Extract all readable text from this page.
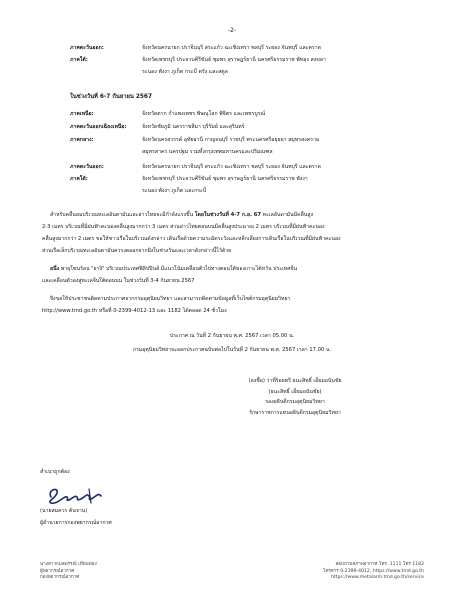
-2-
ภาคตะวันออก:	จังหวัดนครนายก ปราจีนบุรี สระแก้ว ฉะเชิงเทรา ชลบุรี ระยอง จันทบุรี และตราด
ภาคใต้:	จังหวัดเพชรบุรี ประจวบคีรีขันธ์ ชุมพร สุราษฎร์ธานี นครศรีธรรมราช พัทลุง สงขลา
ระนอง พังงา ภูเก็ต กระบี่ ตรัง และสตูล
ในช่วงวันที่ 6-7 กันยายน 2567
ภาคเหนือ:	จังหวัดตาก กำแพงเพชร พิษณุโลก พิจิตร และเพชรบูรณ์
ภาคตะวันออกเฉียงเหนือ:	จังหวัดชัยภูมิ นครราชสีมา บุรีรัมย์ และสุรินทร์
ภาคกลาง:	จังหวัดนครสวรรค์ อุทัยธานี กาญจนบุรี ราชบุรี พระนครศรีอยุธยา สมุทรสงคราม
สมุทรสาคร นครปฐม รวมทั้งกรุงเทพมหานครและปริมณฑล
ภาคตะวันออก:	จังหวัดนครนายก ปราจีนบุรี สระแก้ว ฉะเชิงเทรา ชลบุรี ระยอง จันทบุรี และตราด
ภาคใต้:	จังหวัดเพชรบุรี ประจวบคีรีขันธ์ ชุมพร สุราษฎร์ธานี นครศรีธรรมราช พังงา
ระนอง พังงา ภูเก็ต และกระบี่
สำหรับคลื่นลมบริเวณทะเลอันดามันและอ่าวไทยจะมีกำลังแรงขึ้น โดยในช่วงวันที่ 4-7 ก.ย. 67 ทะเลอันดามันมีคลื่นสูง
2-3 เมตร บริเวณที่มีฝนฟ้าคะนองคลื่นสูงมากกว่า 3 เมตร ส่วนอ่าวไทยตอนบนมีคลื่นสูงประมาณ 2 เมตร บริเวณที่มีฝนฟ้าคะนอง
คลื่นสูงมากกว่า 2 เมตร ขอให้ชาวเรือในบริเวณดังกล่าว เดินเรือด้วยความระมัดระวังและหลีกเลี่ยงการเดินเรือในบริเวณที่มีฝนฟ้าคะนอง
ส่วนเรือเล็กบริเวณทะเลอันดามันควรงดออกจากฝั่งในช่วงวันและเวลาดังกล่าวนี้ไว้ด้วย
อนึ่ง พายุโซนร้อน "ยางิ" บริเวณประเทศฟิลิปปินส์ มีแนวโน้มเคลื่อนตัวไปทางตอนใต้ของเกาะไต้หวัน ประเทศจีน
และเคลื่อนตัวลงสู่ทะเลจีนใต้ตอนบน ในช่วงวันที่ 3-4 กันยายน 2567
จึงขอให้ประชาชนติดตามประกาศจากกรมอุตุนิยมวิทยา และสามารถติดตามข้อมูลที่เว็บไซต์กรมอุตุนิยมวิทยา
http://www.tmd.go.th หรือที่ 0-2399-4012-13 และ 1182 ได้ตลอด 24 ชั่วโมง
ประกาศ ณ วันที่ 2 กันยายน พ.ศ. 2567 เวลา 05.00 น.
กรมอุตุนิยมวิทยาจะออกประกาศฉบับต่อไปในวันที่ 2 กันยายน พ.ศ. 2567 เวลา 17.00 น.
(ลงชื่อ) ว่าที่ร้อยตรี ธนะสิทธิ์ เอี่ยมอนันชัย
(ธนะสิทธิ์ เอี่ยมอนันชัย)
รองอธิบดีกรมอุตุนิยมวิทยา
รักษาราชการแทนอธิบดีกรมอุตุนิยมวิทยา
สำเนาถูกต้อง
(นายสมควร ต้นจาน)
ผู้อำนวยการกองพยากรณ์อากาศ
นางสาวกมลพรรณ์ เทียนทอง
ผู้พยากรณ์อากาศ
กองพยากรณ์อากาศ
สอบถามสภาพอากาศ โทร. 1111 โทร 1182
โทรสาร 0-2399-4012, https://www.tmd.go.th
https://www.metalarm.tmd.go.th/service
